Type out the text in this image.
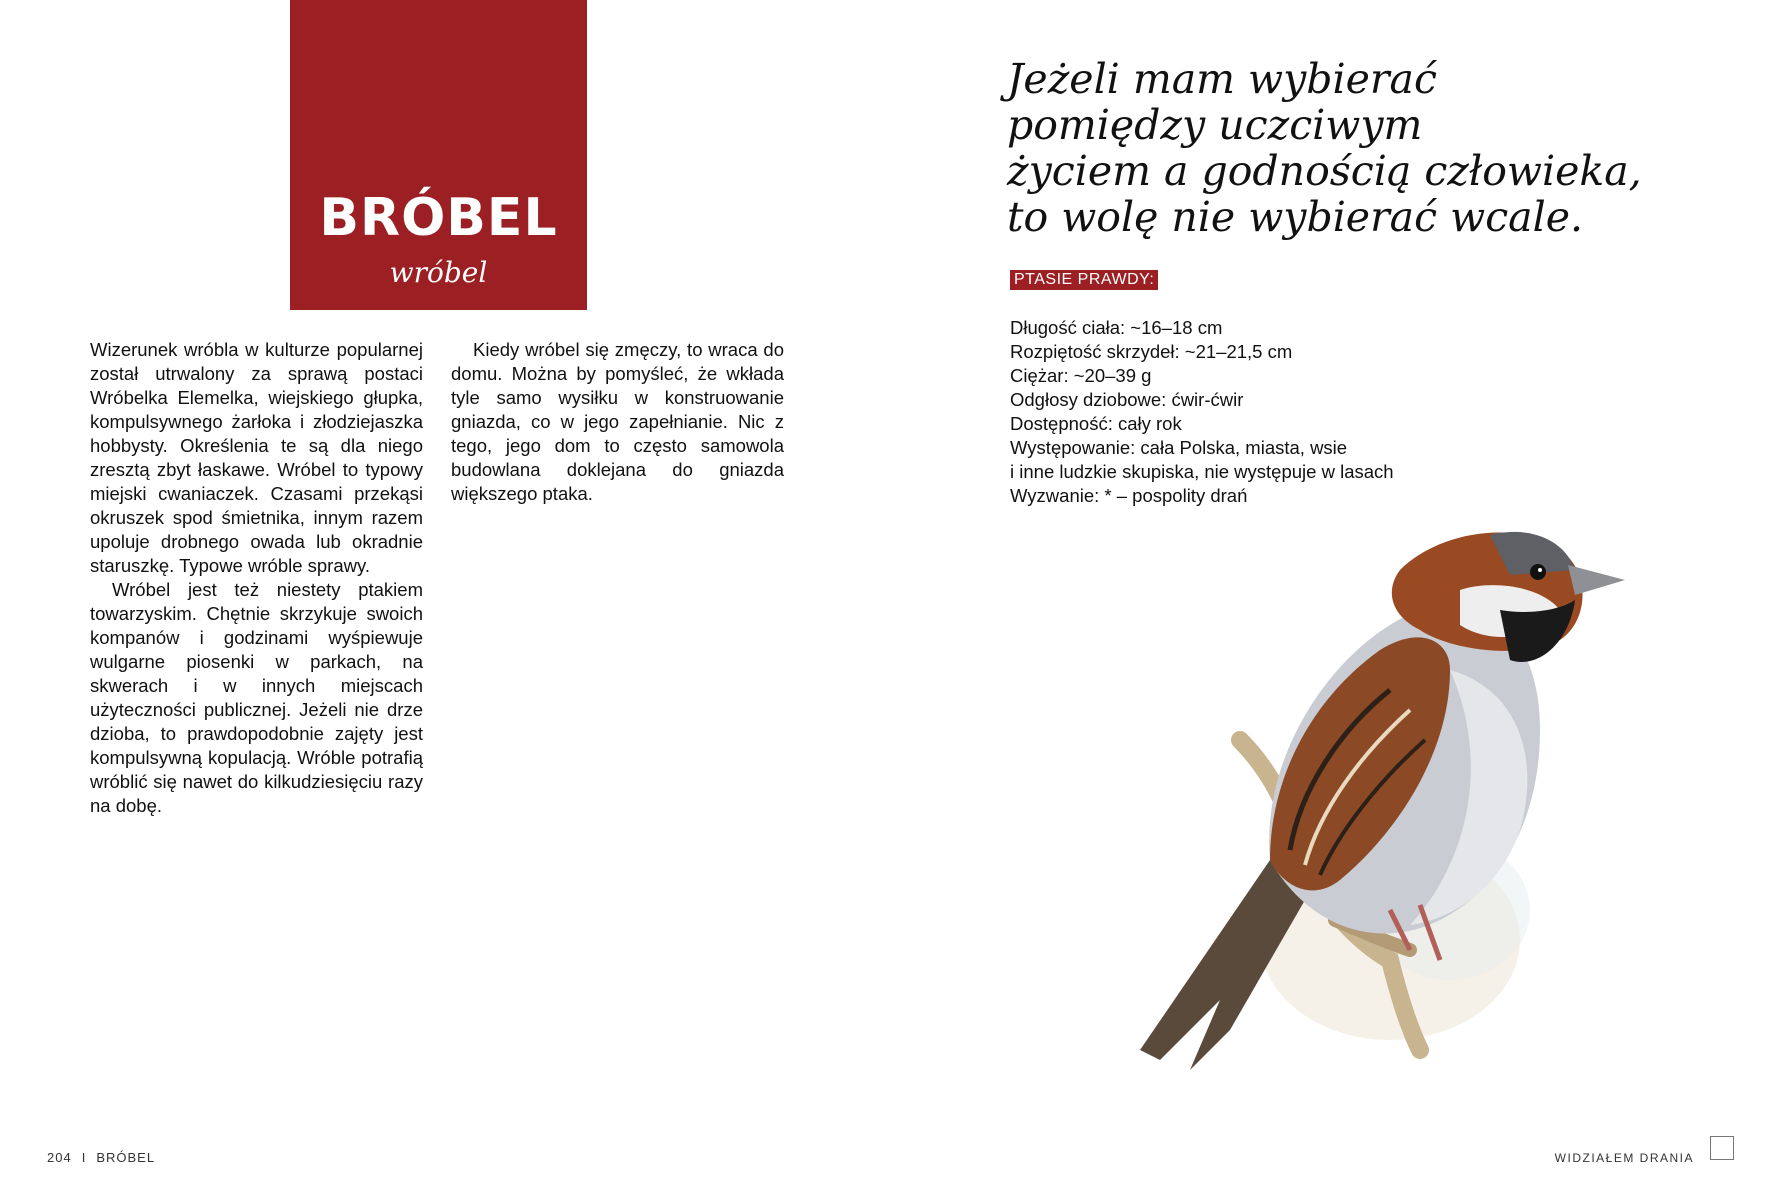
BRÓBEL
wróbel

Wizerunek wróbla w kulturze popularnej został utrwalony za sprawą postaci Wróbelka Elemelka, wiejskiego głupka, kompulsywnego żarłoka i złodziejaszka hobbysty. Określenia te są dla niego zresztą zbyt łaskawe. Wróbel to typowy miejski cwaniaczek. Czasami przekąsi okruszek spod śmietnika, innym razem upoluje drobnego owada lub okradnie staruszkę. Typowe wróble sprawy.

Wróbel jest też niestety ptakiem towarzyskim. Chętnie skrzykuje swoich kompanów i godzinami wyśpiewuje wulgarne piosenki w parkach, na skwerach i w innych miejscach użyteczności publicznej. Jeżeli nie drze dzioba, to prawdopodobnie zajęty jest kompulsywną kopulacją. Wróble potrafią wróblić się nawet do kilkudziesięciu razy na dobę.

Kiedy wróbel się zmęczy, to wraca do domu. Można by pomyśleć, że wkłada tyle samo wysiłku w konstruowanie gniazda, co w jego zapełnianie. Nic z tego, jego dom to często samowola budowlana doklejana do gniazda większego ptaka.

Jeżeli mam wybierać
pomiędzy uczciwym
życiem a godnością człowieka,
to wolę nie wybierać wcale.
PTASIE PRAWDY:
Długość ciała: ~16–18 cm
Rozpiętość skrzydeł: ~21–21,5 cm
Ciężar: ~20–39 g
Odgłosy dziobowe: ćwir-ćwir
Dostępność: cały rok
Występowanie: cała Polska, miasta, wsie
i inne ludzkie skupiska, nie występuje w lasach
Wyzwanie: * – pospolity drań
204 I BRÓBEL	WIDZIAŁEM DRANIA
